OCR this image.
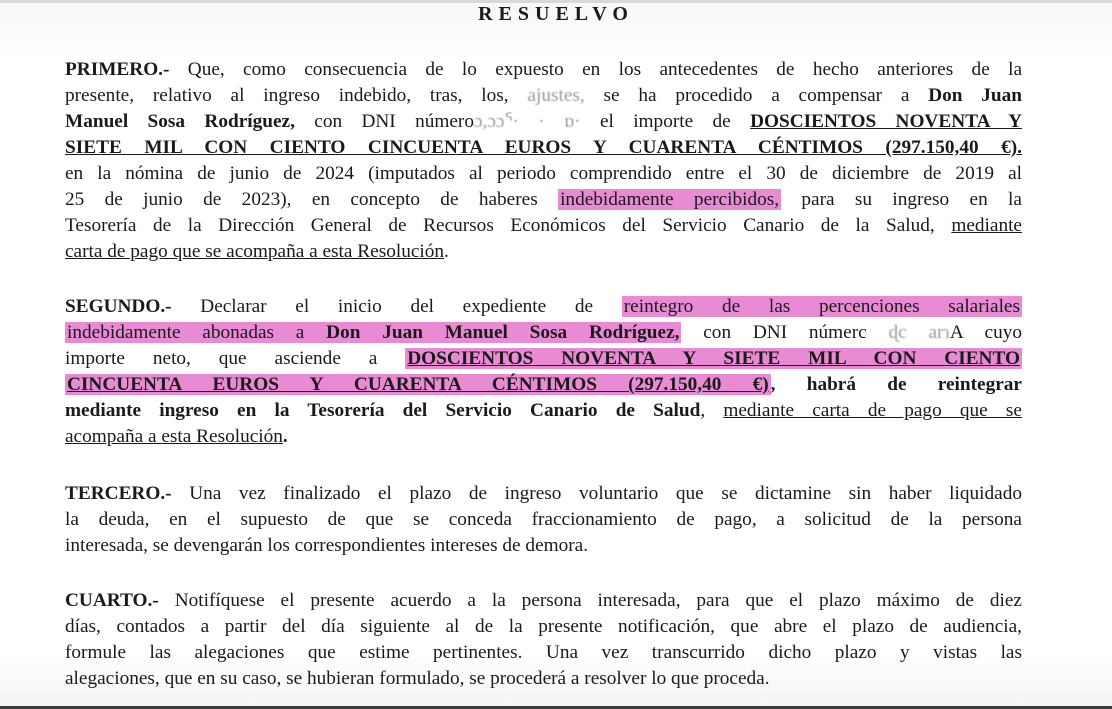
RESUELVO
PRIMERO.- Que, como consecuencia de lo expuesto en los antecedentes de hecho anteriores de la
presente, relativo al ingreso indebido, tras, los, ajustes, se ha procedido a compensar a Don Juan
Manuel Sosa Rodríguez, con DNI númeroɔ,ɔɔᕐ· · ɒ· el importe de DOSCIENTOS NOVENTA Y
SIETE MIL CON CIENTO CINCUENTA EUROS Y CUARENTA CÉNTIMOS (297.150,40 €).
en la nómina de junio de 2024 (imputados al periodo comprendido entre el 30 de diciembre de 2019 al
25 de junio de 2023), en concepto de haberes indebidamente percibidos, para su ingreso en la
Tesorería de la Dirección General de Recursos Económicos del Servicio Canario de la Salud, mediante
carta de pago que se acompaña a esta Resolución.
SEGUNDO.- Declarar el inicio del expediente de reintegro de las percenciones salariales
indebidamente abonadas a Don Juan Manuel Sosa Rodríguez, con DNI númerc ɖc arɿA cuyo
importe neto, que asciende a DOSCIENTOS NOVENTA Y SIETE MIL CON CIENTO
CINCUENTA EUROS Y CUARENTA CÉNTIMOS (297.150,40 €) , habrá de reintegrar
mediante ingreso en la Tesorería del Servicio Canario de Salud, mediante carta de pago que se
acompaña a esta Resolución.
TERCERO.- Una vez finalizado el plazo de ingreso voluntario que se dictamine sin haber liquidado
la deuda, en el supuesto de que se conceda fraccionamiento de pago, a solicitud de la persona
interesada, se devengarán los correspondientes intereses de demora.
CUARTO.- Notifíquese el presente acuerdo a la persona interesada, para que el plazo máximo de diez
días, contados a partir del día siguiente al de la presente notificación, que abre el plazo de audiencia,
formule las alegaciones que estime pertinentes. Una vez transcurrido dicho plazo y vistas las
alegaciones, que en su caso, se hubieran formulado, se procederá a resolver lo que proceda.
